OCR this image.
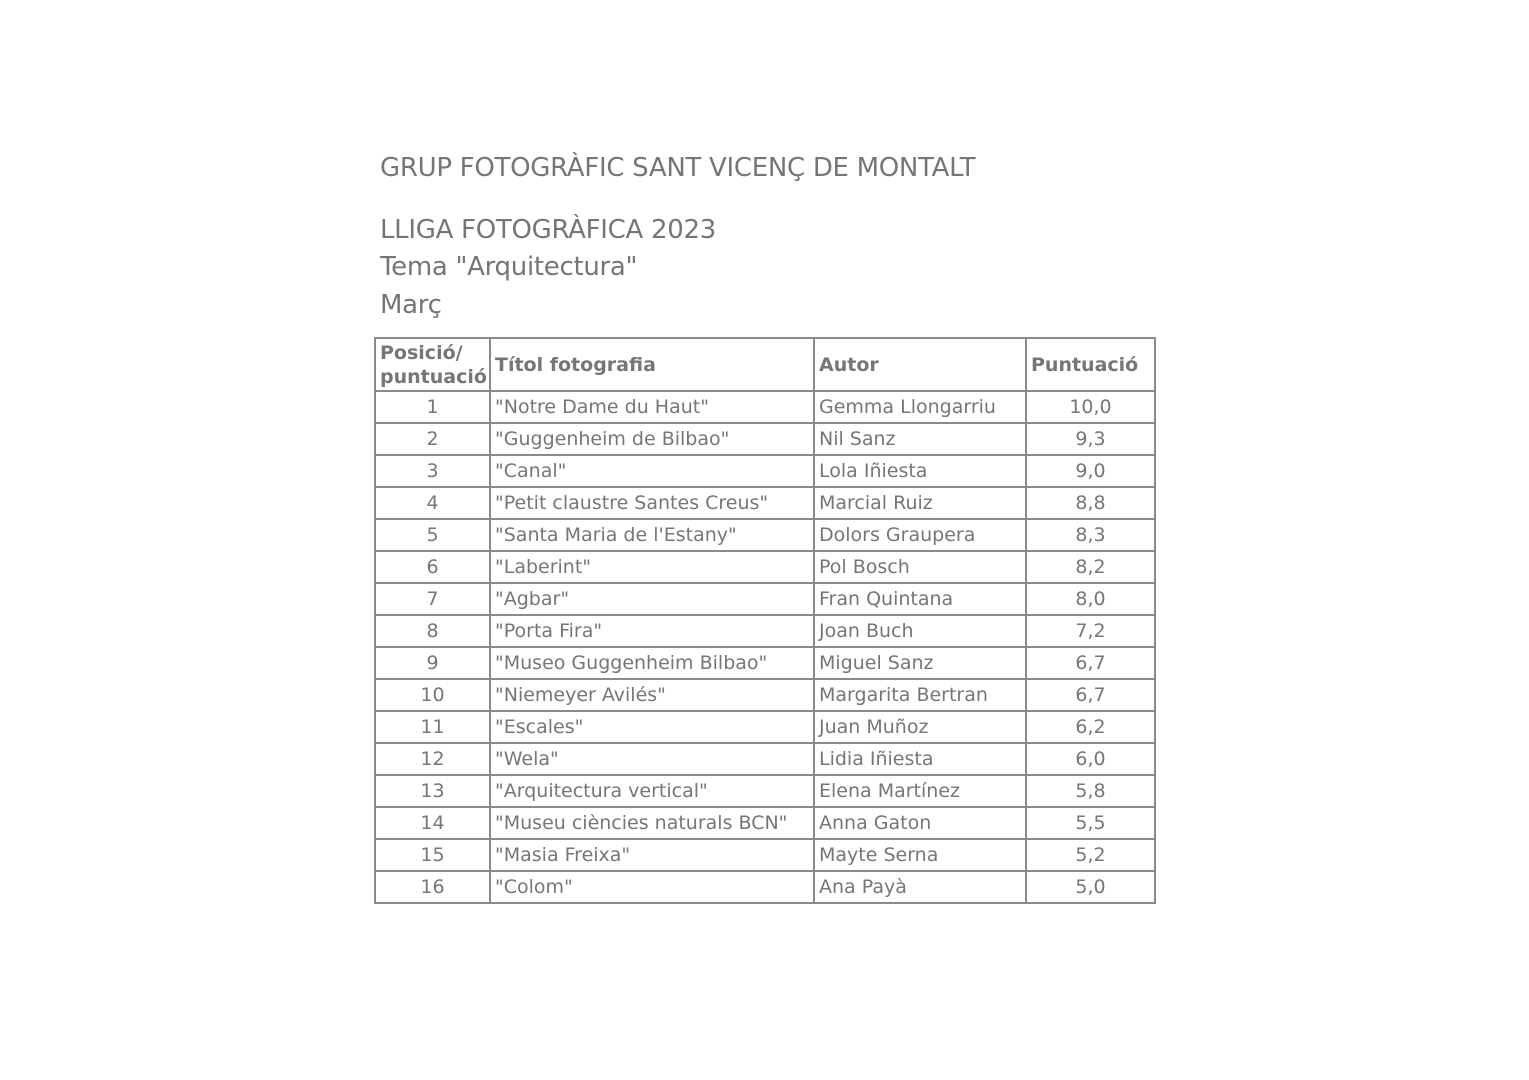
GRUP FOTOGRÀFIC SANT VICENÇ DE MONTALT
LLIGA FOTOGRÀFICA 2023
Tema "Arquitectura"
Març
Posició/ puntuació	Títol fotografia	Autor	Puntuació
1	"Notre Dame du Haut"	Gemma Llongarriu	10,0
2	"Guggenheim de Bilbao"	Nil Sanz	9,3
3	"Canal"	Lola Iñiesta	9,0
4	"Petit claustre Santes Creus"	Marcial Ruiz	8,8
5	"Santa Maria de l'Estany"	Dolors Graupera	8,3
6	"Laberint"	Pol Bosch	8,2
7	"Agbar"	Fran Quintana	8,0
8	"Porta Fira"	Joan Buch	7,2
9	"Museo Guggenheim Bilbao"	Miguel Sanz	6,7
10	"Niemeyer Avilés"	Margarita Bertran	6,7
11	"Escales"	Juan Muñoz	6,2
12	"Wela"	Lidia Iñiesta	6,0
13	"Arquitectura vertical"	Elena Martínez	5,8
14	"Museu ciències naturals BCN"	Anna Gaton	5,5
15	"Masia Freixa"	Mayte Serna	5,2
16	"Colom"	Ana Payà	5,0
